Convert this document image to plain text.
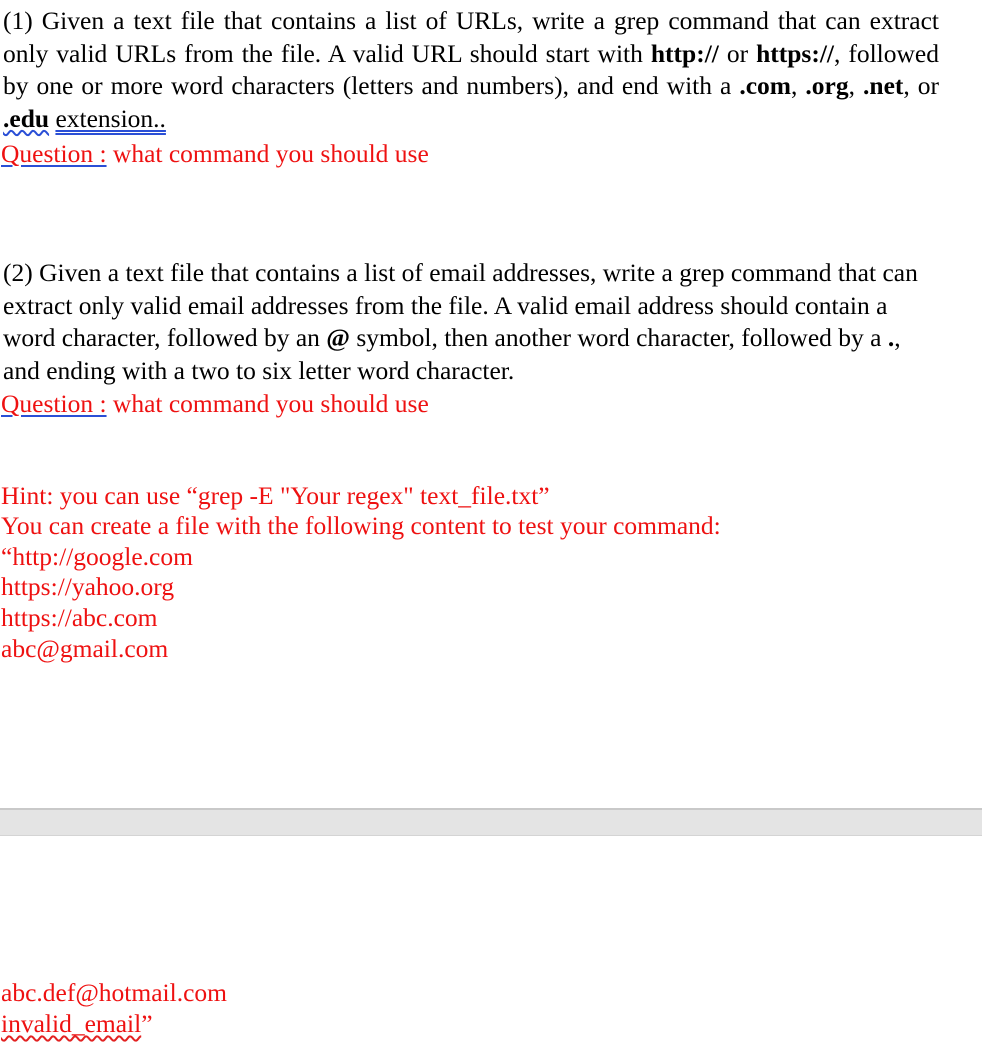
(1) Given a text file that contains a list of URLs, write a grep command that can extract only valid URLs from the file. A valid URL should start with http:// or https://, followed by one or more word characters (letters and numbers), and end with a .com, .org, .net, or .edu extension..

Question : what command you should use

(2) Given a text file that contains a list of email addresses, write a grep command that can extract only valid email addresses from the file. A valid email address should contain a word character, followed by an @ symbol, then another word character, followed by a ., and ending with a two to six letter word character.

Question : what command you should use

Hint: you can use “grep -E "Your regex" text_file.txt”

You can create a file with the following content to test your command:

“http://google.com

https://yahoo.org

https://abc.com

abc@gmail.com

abc.def@hotmail.com

invalid_email”
